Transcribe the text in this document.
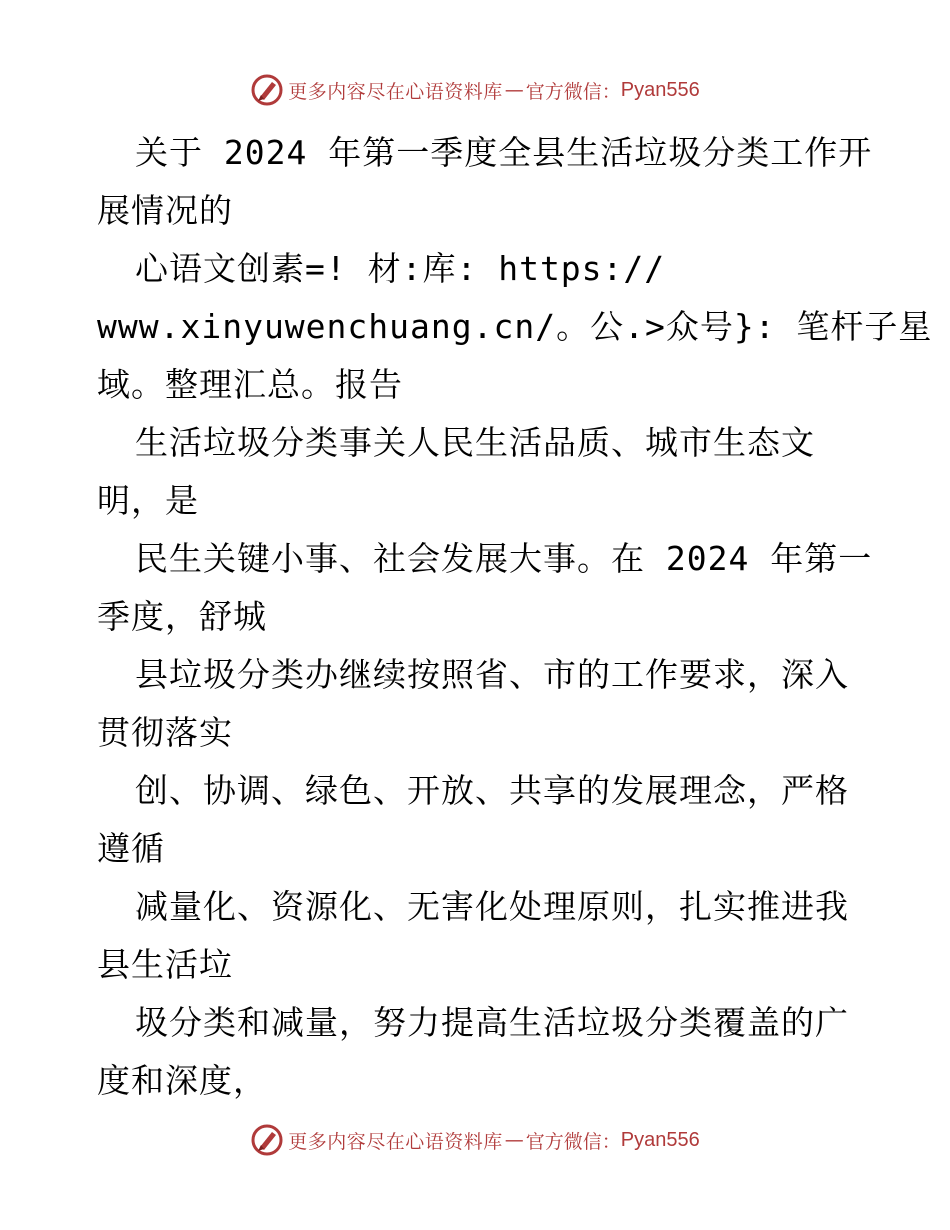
更多内容尽在心语资料库 — 官方微信： Pyan556
关于 2024 年第一季度全县生活垃圾分类工作开
展情况的
心语文创素=! 材:库: https://
www.xinyuwenchuang.cn/。公.>众号}: 笔杆子星
域。整理汇总。报告
生活垃圾分类事关人民生活品质、城市生态文
明，是
民生关键小事、社会发展大事。在 2024 年第一
季度，舒城
县垃圾分类办继续按照省、市的工作要求，深入
贯彻落实
创、协调、绿色、开放、共享的发展理念，严格
遵循
减量化、资源化、无害化处理原则，扎实推进我
县生活垃
圾分类和减量，努力提高生活垃圾分类覆盖的广
度和深度，
更多内容尽在心语资料库 — 官方微信： Pyan556
